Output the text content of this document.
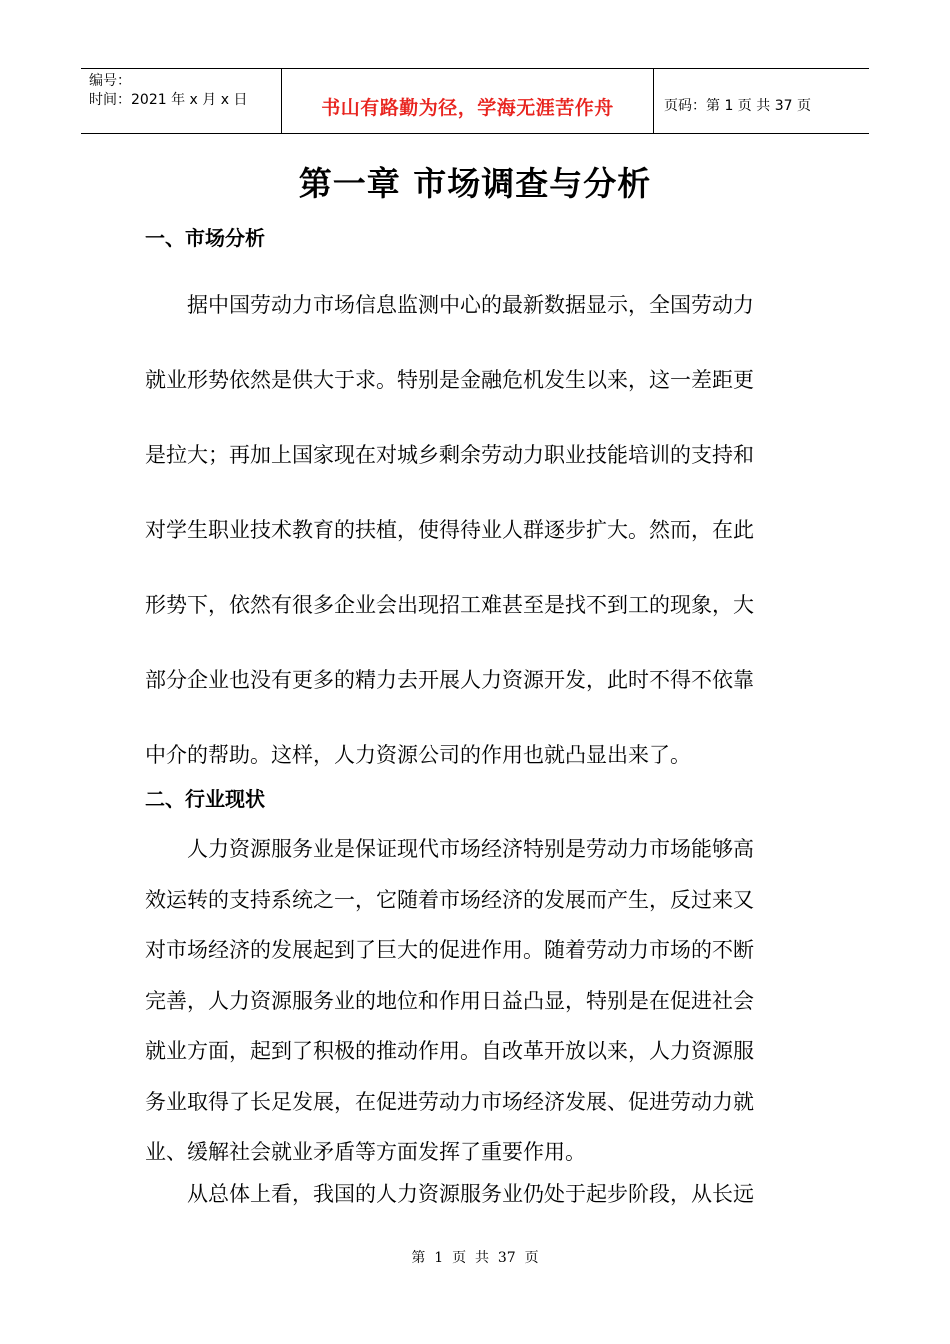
编号：
时间：2021 年 x 月 x 日	书山有路勤为径，学海无涯苦作舟	页码：第 1 页 共 37 页
第一章 市场调查与分析
一、市场分析
　　据中国劳动力市场信息监测中心的最新数据显示，全国劳动力
就业形势依然是供大于求。特别是金融危机发生以来，这一差距更
是拉大；再加上国家现在对城乡剩余劳动力职业技能培训的支持和
对学生职业技术教育的扶植，使得待业人群逐步扩大。然而，在此
形势下，依然有很多企业会出现招工难甚至是找不到工的现象，大
部分企业也没有更多的精力去开展人力资源开发，此时不得不依靠
中介的帮助。这样，人力资源公司的作用也就凸显出来了。
二、行业现状
　　人力资源服务业是保证现代市场经济特别是劳动力市场能够高
效运转的支持系统之一，它随着市场经济的发展而产生，反过来又
对市场经济的发展起到了巨大的促进作用。随着劳动力市场的不断
完善，人力资源服务业的地位和作用日益凸显，特别是在促进社会
就业方面，起到了积极的推动作用。自改革开放以来，人力资源服
务业取得了长足发展，在促进劳动力市场经济发展、促进劳动力就
业、缓解社会就业矛盾等方面发挥了重要作用。
　　从总体上看，我国的人力资源服务业仍处于起步阶段，从长远
第  1  页  共  37  页
